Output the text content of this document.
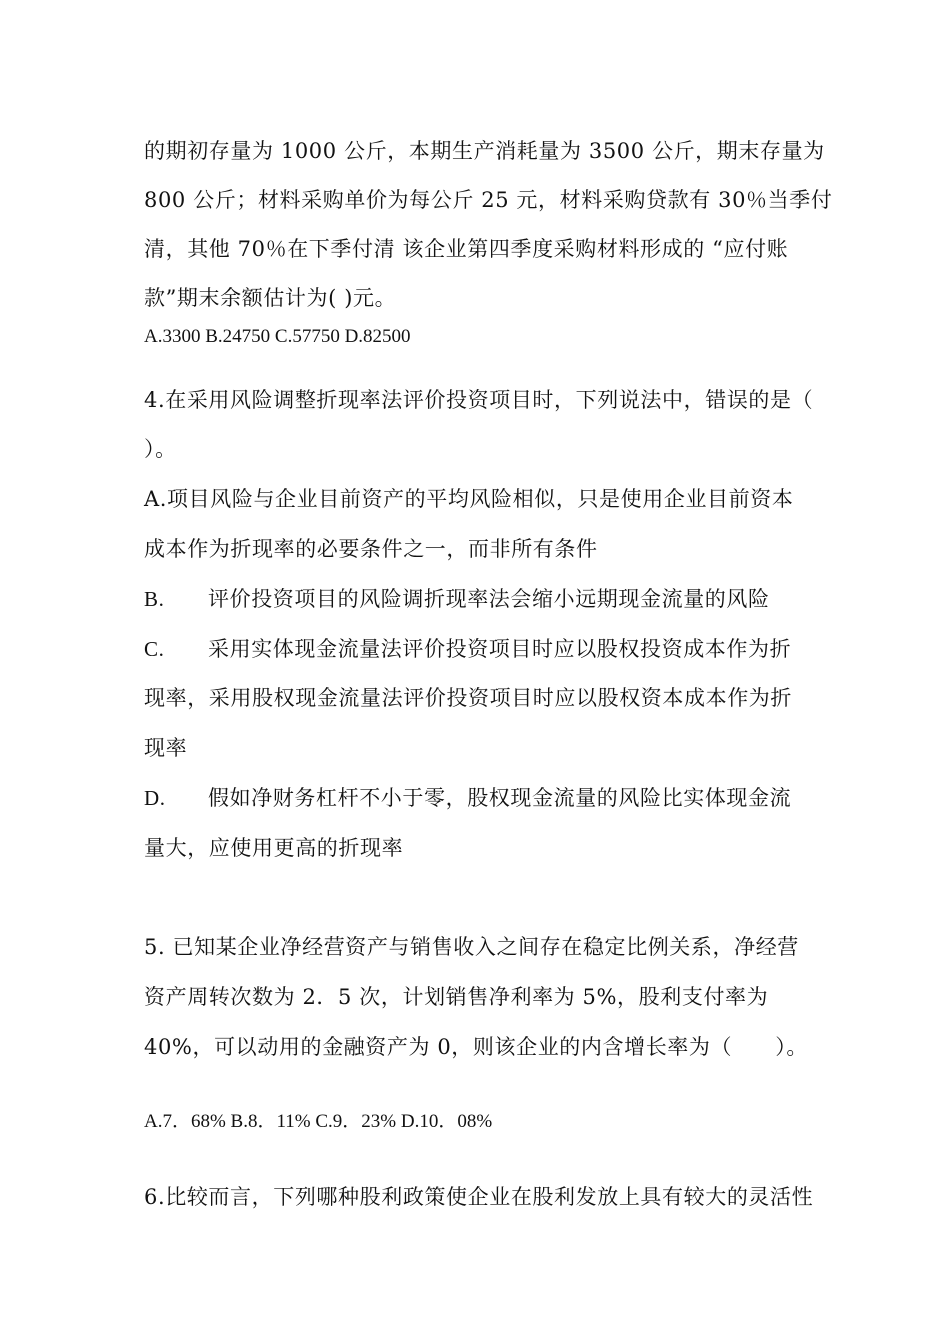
的期初存量为 1000 公斤，本期生产消耗量为 3500 公斤，期末存量为
800 公斤；材料采购单价为每公斤 25 元，材料采购贷款有 30％当季付
清，其他 70％在下季付清 该企业第四季度采购材料形成的 “应付账
款”期末余额估计为( )元。
A.3300 B.24750 C.57750 D.82500
4.在采用风险调整折现率法评价投资项目时，下列说法中，错误的是（
）。
A.项目风险与企业目前资产的平均风险相似，只是使用企业目前资本
成本作为折现率的必要条件之一，而非所有条件
B. 评价投资项目的风险调折现率法会缩小远期现金流量的风险
C. 采用实体现金流量法评价投资项目时应以股权投资成本作为折
现率，采用股权现金流量法评价投资项目时应以股权资本成本作为折
现率
D. 假如净财务杠杆不小于零，股权现金流量的风险比实体现金流
量大，应使用更高的折现率
5. 已知某企业净经营资产与销售收入之间存在稳定比例关系，净经营
资产周转次数为 2．5 次，计划销售净利率为 5%，股利支付率为
40%，可以动用的金融资产为 0，则该企业的内含增长率为（　　）。
A.7．68% B.8．11% C.9．23% D.10．08%
6.比较而言，下列哪种股利政策使企业在股利发放上具有较大的灵活性
